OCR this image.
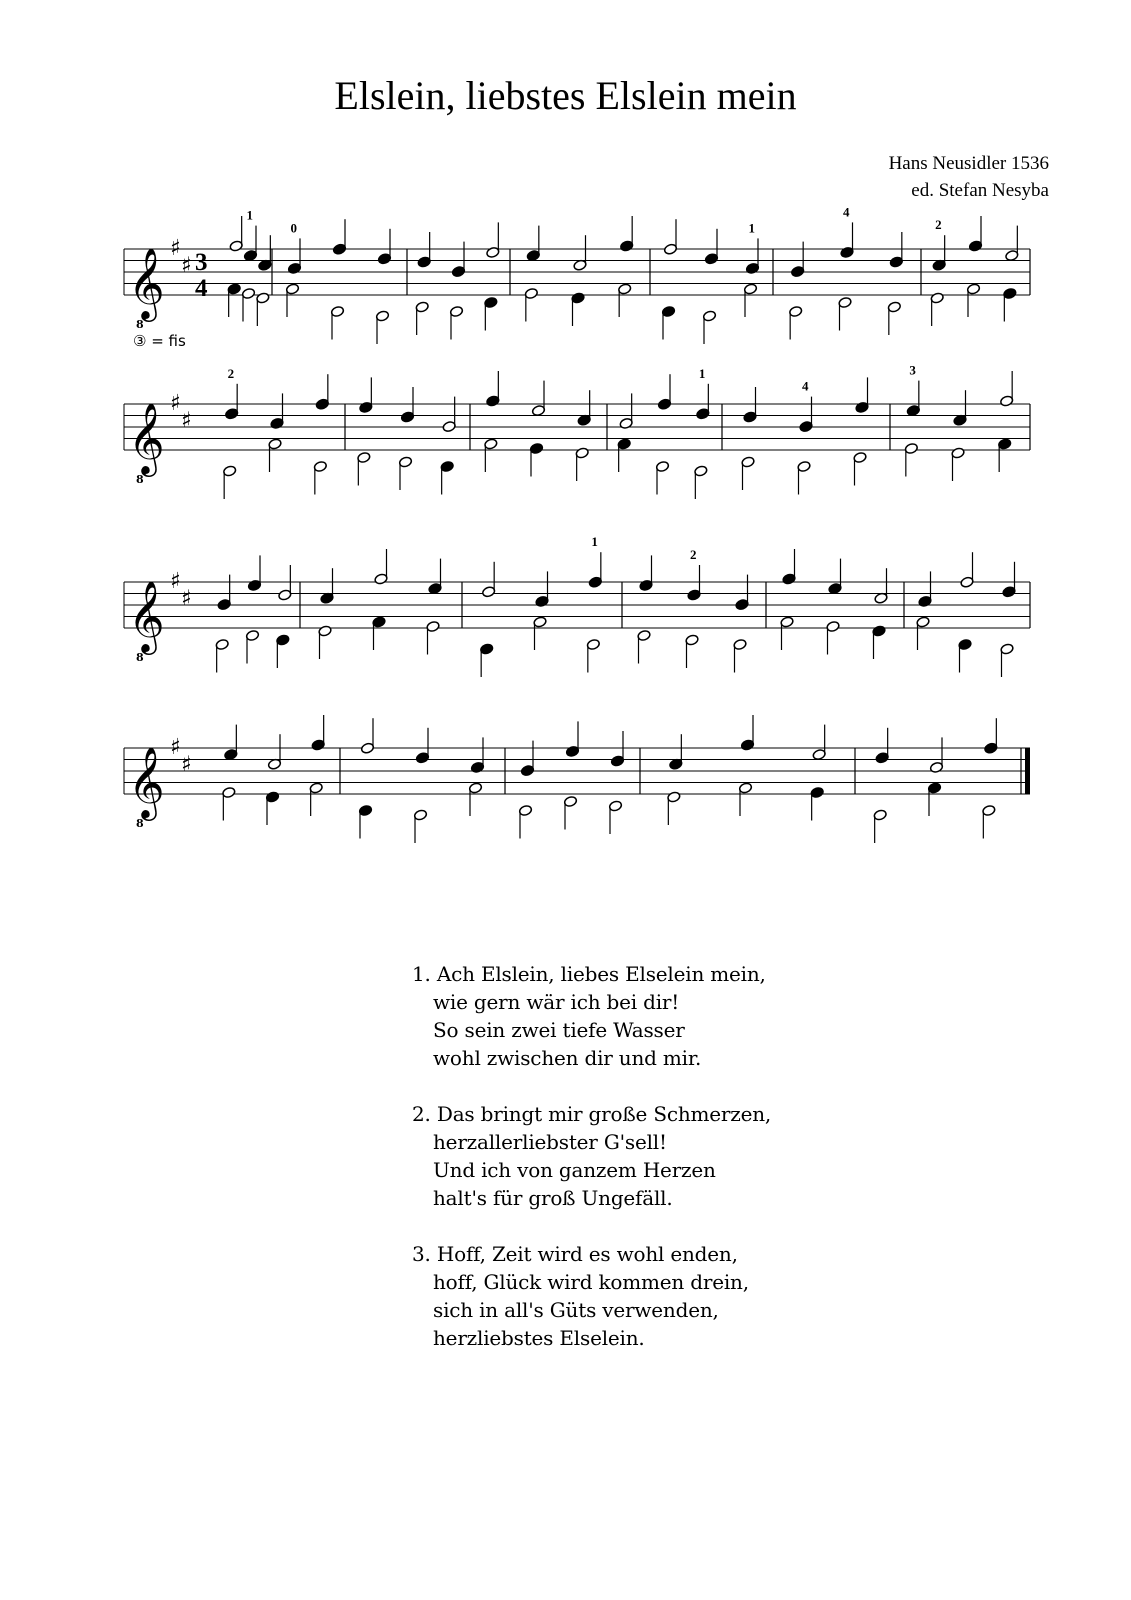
Elslein, liebstes Elslein mein
Hans Neusidler 1536
ed. Stefan Nesyba
𝄞
8
♯
♯ 3
4
1
0	1
4
2
𝄞
8
♯
♯
2	1
4
3
𝄞
8
♯
♯
1
2
𝄞
8
♯
♯
③ = fis
1. Ach Elslein, liebes Elselein mein,
wie gern wär ich bei dir!
So sein zwei tiefe Wasser
wohl zwischen dir und mir.
2. Das bringt mir große Schmerzen,
herzallerliebster G'sell!
Und ich von ganzem Herzen
halt's für groß Ungefäll.
3. Hoff, Zeit wird es wohl enden,
hoff, Glück wird kommen drein,
sich in all's Güts verwenden,
herzliebstes Elselein.
